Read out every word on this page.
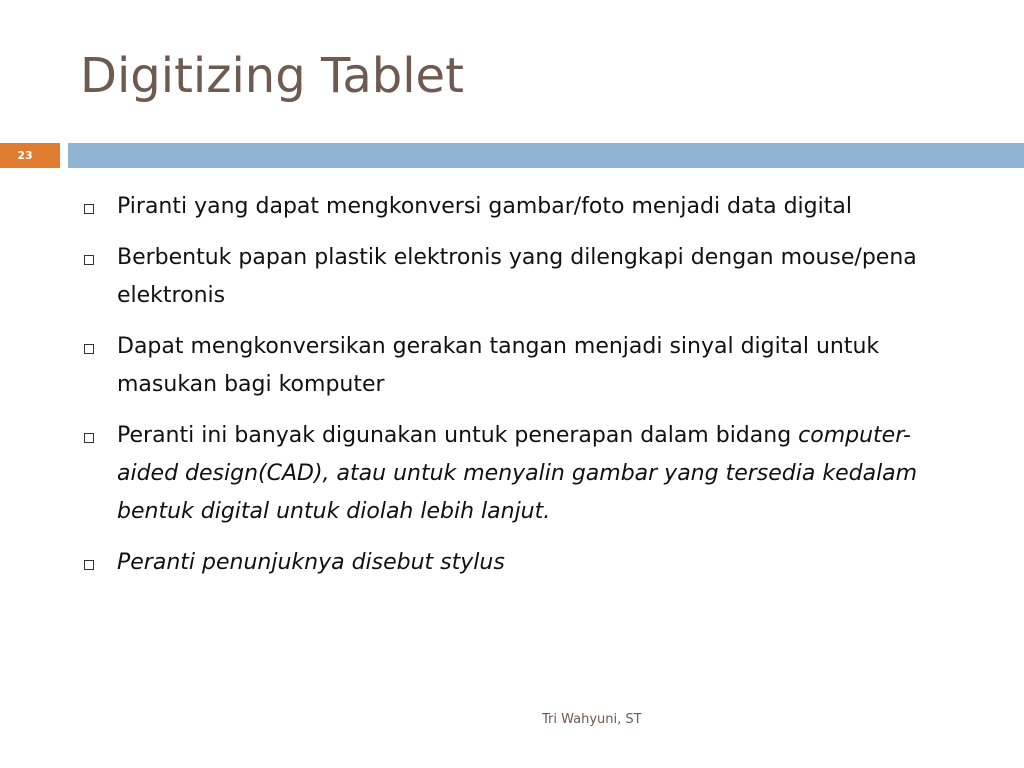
Digitizing Tablet
23
Piranti yang dapat mengkonversi gambar/foto menjadi data digital
Berbentuk papan plastik elektronis yang dilengkapi dengan mouse/pena elektronis
Dapat mengkonversikan gerakan tangan menjadi sinyal digital untuk masukan bagi komputer
Peranti ini banyak digunakan untuk penerapan dalam bidang computer-aided design(CAD), atau untuk menyalin gambar yang tersedia kedalam bentuk digital untuk diolah lebih lanjut.
Peranti penunjuknya disebut stylus
Tri Wahyuni, ST
